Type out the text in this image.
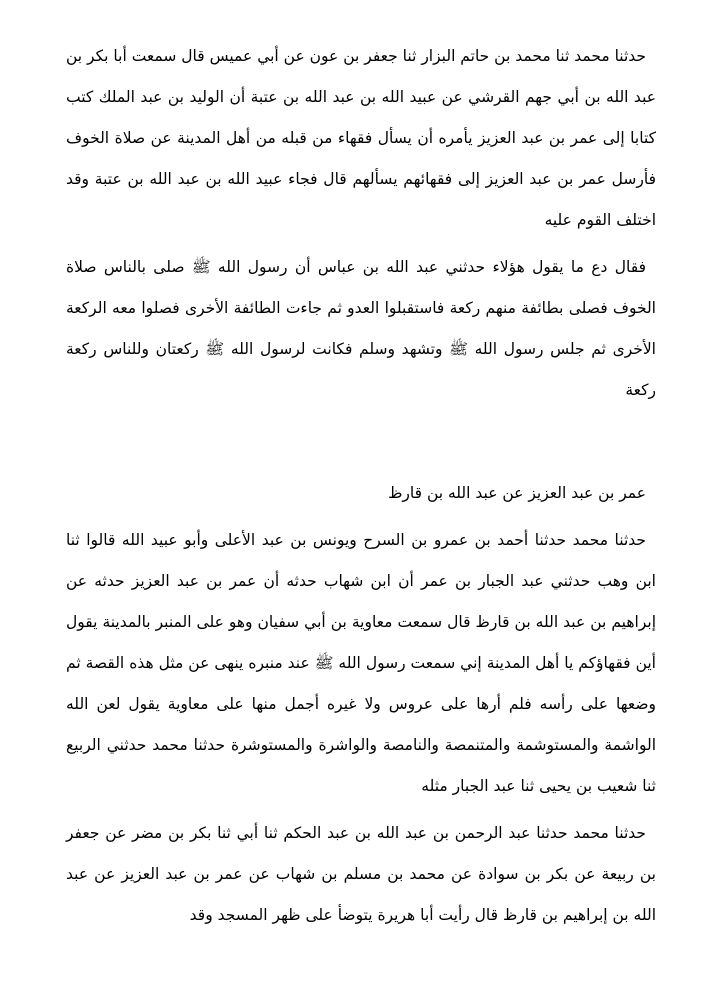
حدثنا محمد ثنا محمد بن حاتم البزار ثنا جعفر بن عون عن أبي عميس قال سمعت أبا بكر بن عبد الله بن أبي جهم القرشي عن عبيد الله بن عبد الله بن عتبة أن الوليد بن عبد الملك كتب كتابا إلى عمر بن عبد العزيز يأمره أن يسأل فقهاء من قبله من أهل المدينة عن صلاة الخوف فأرسل عمر بن عبد العزيز إلى فقهائهم يسألهم قال فجاء عبيد الله بن عبد الله بن عتبة وقد اختلف القوم عليه

فقال دع ما يقول هؤلاء حدثني عبد الله بن عباس أن رسول الله ﷺ صلى بالناس صلاة الخوف فصلى بطائفة منهم ركعة فاستقبلوا العدو ثم جاءت الطائفة الأخرى فصلوا معه الركعة الأخرى ثم جلس رسول الله ﷺ وتشهد وسلم فكانت لرسول الله ﷺ ركعتان وللناس ركعة ركعة

عمر بن عبد العزيز عن عبد الله بن قارظ

حدثنا محمد حدثنا أحمد بن عمرو بن السرح ويونس بن عبد الأعلى وأبو عبيد الله قالوا ثنا ابن وهب حدثني عبد الجبار بن عمر أن ابن شهاب حدثه أن عمر بن عبد العزيز حدثه عن إبراهيم بن عبد الله بن قارظ قال سمعت معاوية بن أبي سفيان وهو على المنبر بالمدينة يقول أين فقهاؤكم يا أهل المدينة إني سمعت رسول الله ﷺ عند منبره ينهى عن مثل هذه القصة ثم وضعها على رأسه فلم أرها على عروس ولا غيره أجمل منها على معاوية يقول لعن الله الواشمة والمستوشمة والمتنمصة والنامصة والواشرة والمستوشرة حدثنا محمد حدثني الربيع ثنا شعيب بن يحيى ثنا عبد الجبار مثله

حدثنا محمد حدثنا عبد الرحمن بن عبد الله بن عبد الحكم ثنا أبي ثنا بكر بن مضر عن جعفر بن ربيعة عن بكر بن سوادة عن محمد بن مسلم بن شهاب عن عمر بن عبد العزيز عن عبد الله بن إبراهيم بن قارظ قال رأيت أبا هريرة يتوضأ على ظهر المسجد وقد
